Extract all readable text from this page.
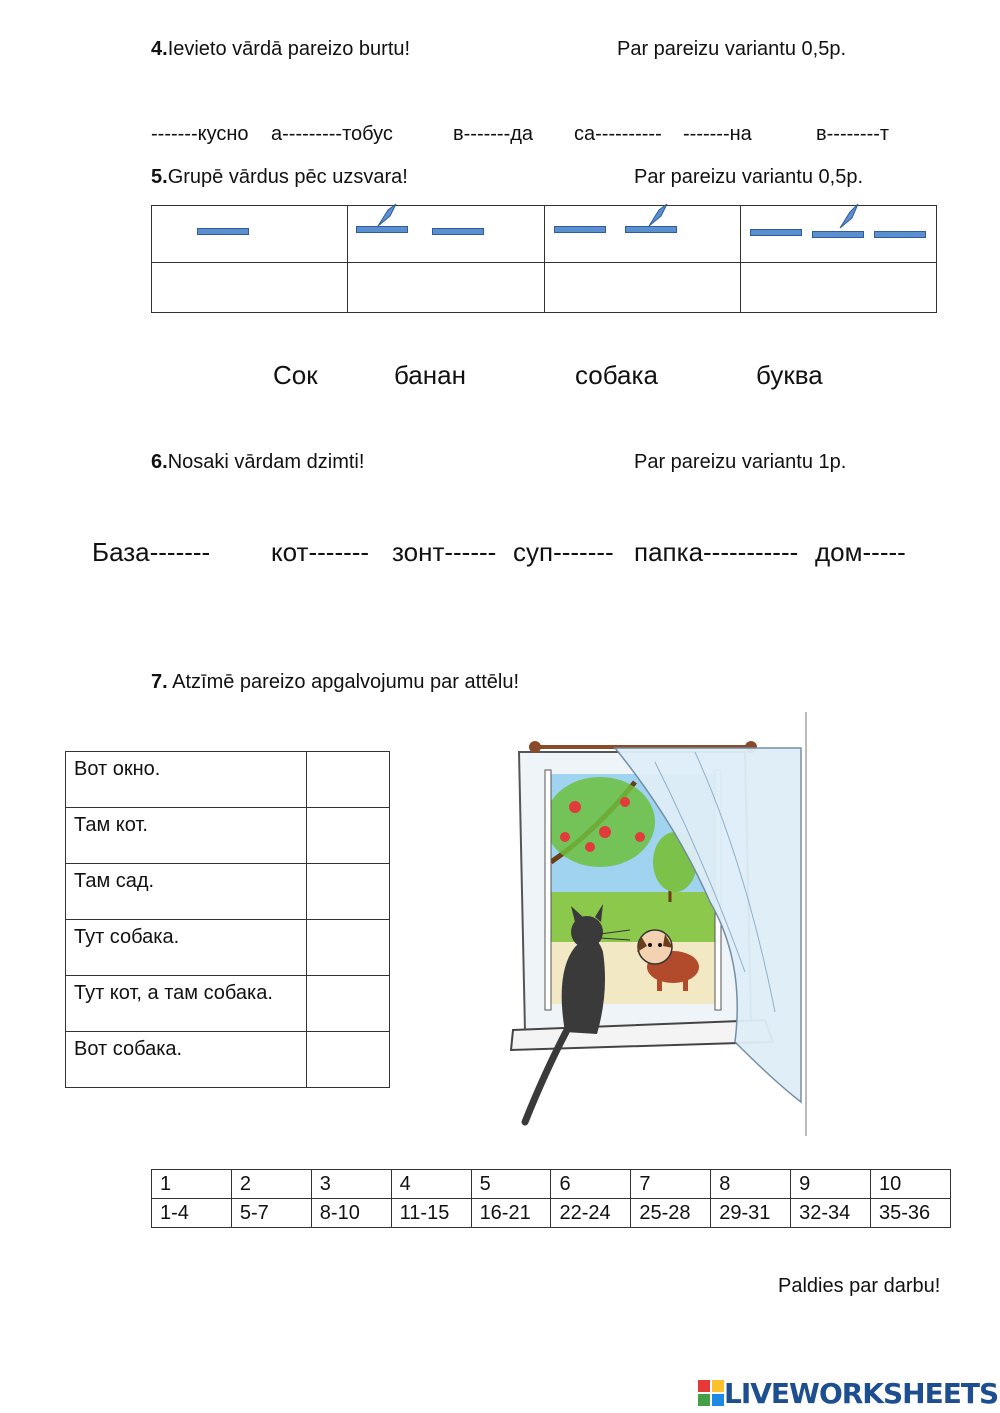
4.Ievieto vārdā pareizo burtu!	Par pareizu variantu 0,5p.
-------кусно а---------тобус	в-------да са---------- -------на	в--------т
5.Grupē vārdus pēc uzsvara!	Par pareizu variantu 0,5p.

Сок	банан	собака	буква
6.Nosaki vārdam dzimti!	Par pareizu variantu 1p.
База------- кот------- зонт------ суп------- папка----------- дом-----
7. Atzīmē pareizo apgalvojumu par attēlu!
Вот окно.	
Там кот.	
Там сад.	
Тут собака.	
Тут кот, а там собака.	
Вот собака.	
1	2	3	4	5	6	7	8	9	10
1-4	5-7	8-10	11-15	16-21	22-24	25-28	29-31	32-34	35-36
Paldies par darbu!
LIVEWORKSHEETS
